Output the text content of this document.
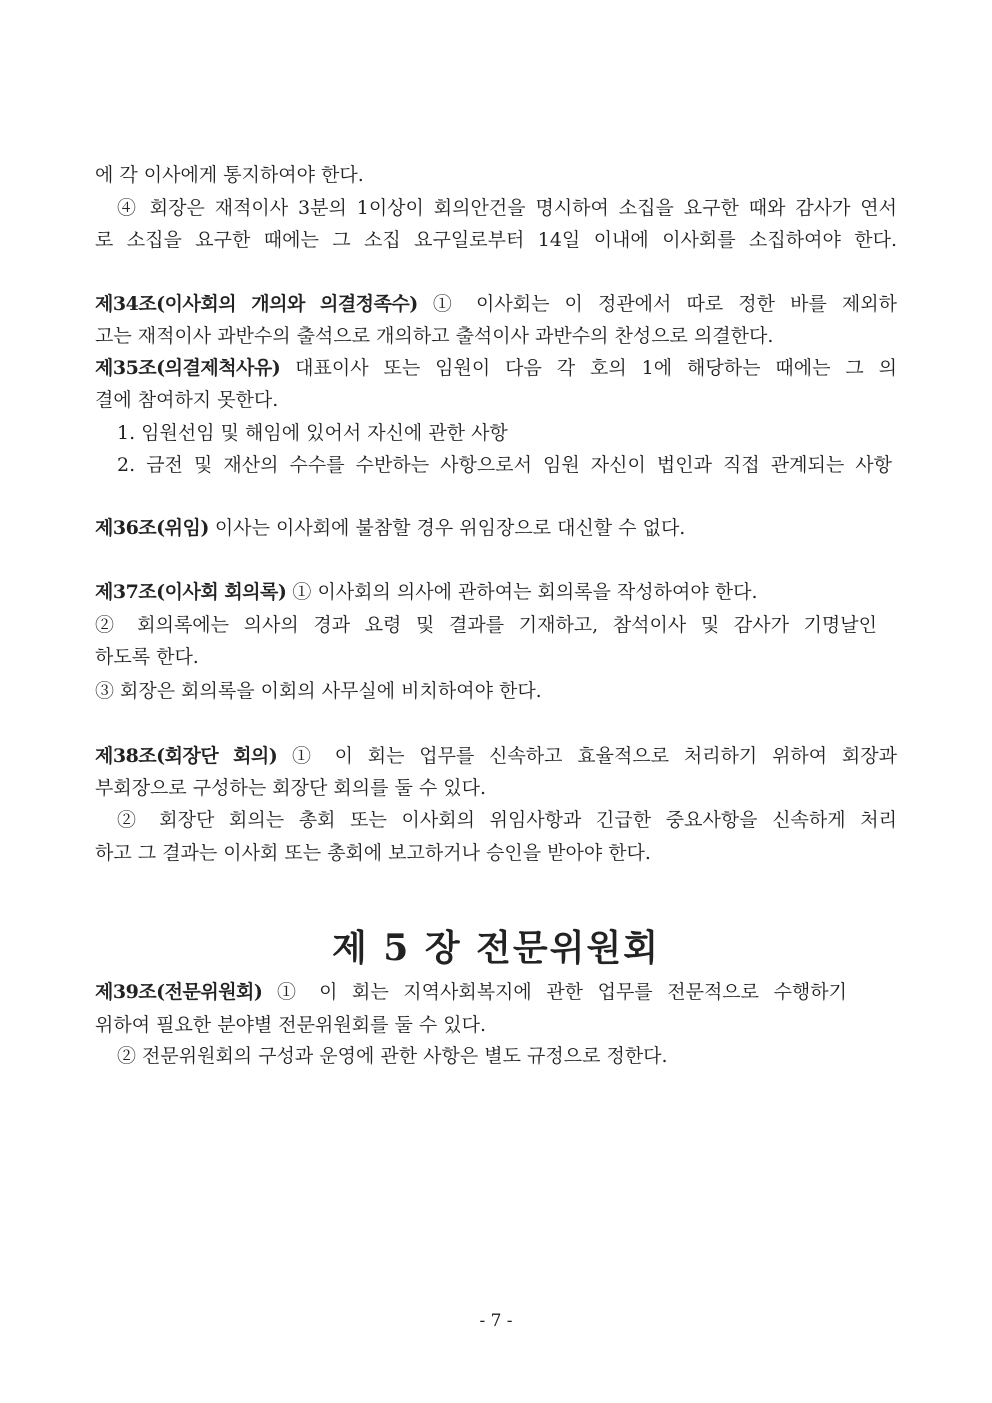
에 각 이사에게 통지하여야 한다.
④ 회장은 재적이사 3분의 1이상이 회의안건을 명시하여 소집을 요구한 때와 감사가 연서
로 소집을 요구한 때에는 그 소집 요구일로부터 14일 이내에 이사회를 소집하여야 한다.
제34조(이사회의 개의와 의결정족수) ① 이사회는 이 정관에서 따로 정한 바를 제외하
고는 재적이사 과반수의 출석으로 개의하고 출석이사 과반수의 찬성으로 의결한다.
제35조(의결제척사유) 대표이사 또는 임원이 다음 각 호의 1에 해당하는 때에는 그 의
결에 참여하지 못한다.
1. 임원선임 및 해임에 있어서 자신에 관한 사항
2. 금전 및 재산의 수수를 수반하는 사항으로서 임원 자신이 법인과 직접 관계되는 사항
제36조(위임) 이사는 이사회에 불참할 경우 위임장으로 대신할 수 없다.
제37조(이사회 회의록) ① 이사회의 의사에 관하여는 회의록을 작성하여야 한다.
② 회의록에는 의사의 경과 요령 및 결과를 기재하고, 참석이사 및 감사가 기명날인
하도록 한다.
③ 회장은 회의록을 이회의 사무실에 비치하여야 한다.
제38조(회장단 회의) ① 이 회는 업무를 신속하고 효율적으로 처리하기 위하여 회장과
부회장으로 구성하는 회장단 회의를 둘 수 있다.
② 회장단 회의는 총회 또는 이사회의 위임사항과 긴급한 중요사항을 신속하게 처리
하고 그 결과는 이사회 또는 총회에 보고하거나 승인을 받아야 한다.
제 5 장 전문위원회
제39조(전문위원회) ① 이 회는 지역사회복지에 관한 업무를 전문적으로 수행하기
위하여 필요한 분야별 전문위원회를 둘 수 있다.
② 전문위원회의 구성과 운영에 관한 사항은 별도 규정으로 정한다.
- 7 -
